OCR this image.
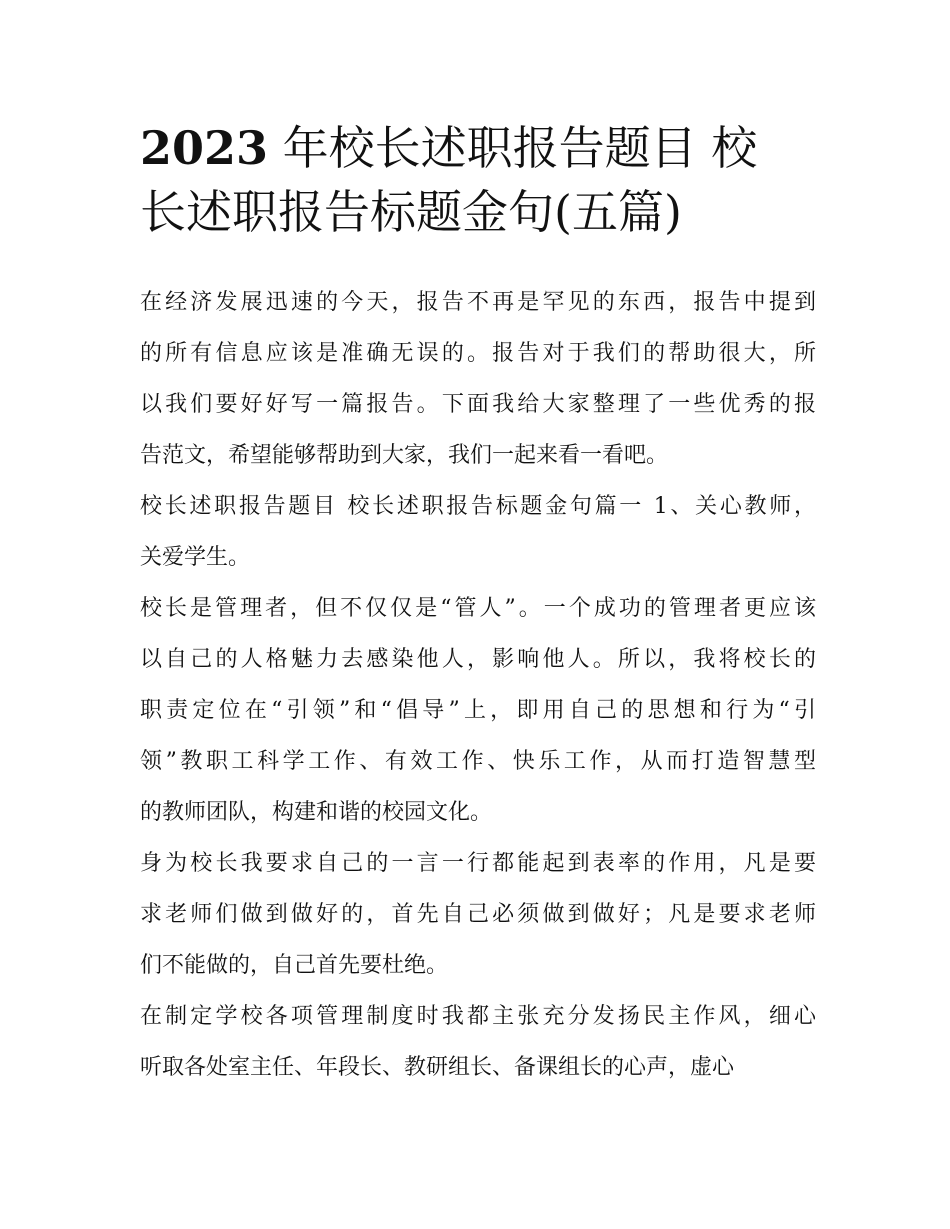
2023 年校长述职报告题目 校
长述职报告标题金句(五篇)

在经济发展迅速的今天，报告不再是罕见的东西，报告中提到
的所有信息应该是准确无误的。报告对于我们的帮助很大，所
以我们要好好写一篇报告。下面我给大家整理了一些优秀的报
告范文，希望能够帮助到大家，我们一起来看一看吧。

校长述职报告题目 校长述职报告标题金句篇一 1、关心教师，
关爱学生。

校长是管理者，但不仅仅是“管人”。一个成功的管理者更应该
以自己的人格魅力去感染他人，影响他人。所以，我将校长的
职责定位在“引领”和“倡导”上，即用自己的思想和行为“引
领”教职工科学工作、有效工作、快乐工作，从而打造智慧型
的教师团队，构建和谐的校园文化。

身为校长我要求自己的一言一行都能起到表率的作用，凡是要
求老师们做到做好的，首先自己必须做到做好；凡是要求老师
们不能做的，自己首先要杜绝。

在制定学校各项管理制度时我都主张充分发扬民主作风，细心
听取各处室主任、年段长、教研组长、备课组长的心声，虚心
